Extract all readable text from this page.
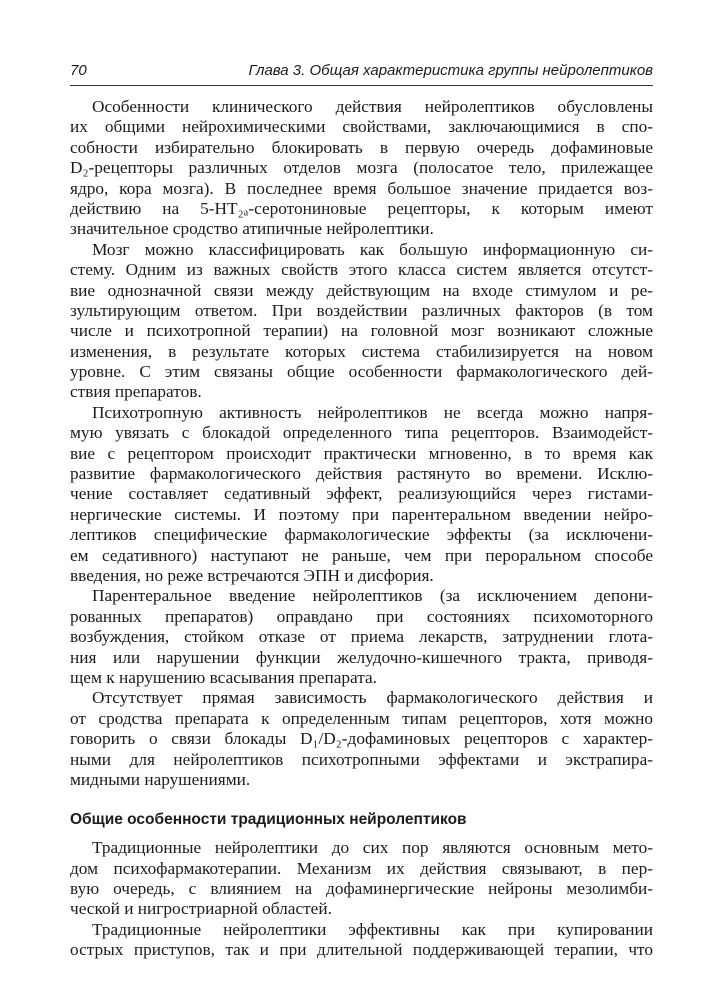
70	Глава 3. Общая характеристика группы нейролептиков
Особенности клинического действия нейролептиков обусловлены
их общими нейрохимическими свойствами, заключающимися в спо-
собности избирательно блокировать в первую очередь дофаминовые
D₂-рецепторы различных отделов мозга (полосатое тело, прилежащее
ядро, кора мозга). В последнее время большое значение придается воз-
действию на 5-HT₂ₐ-серотониновые рецепторы, к которым имеют
значительное сродство атипичные нейролептики.
Мозг можно классифицировать как большую информационную си-
стему. Одним из важных свойств этого класса систем является отсутст-
вие однозначной связи между действующим на входе стимулом и ре-
зультирующим ответом. При воздействии различных факторов (в том
числе и психотропной терапии) на головной мозг возникают сложные
изменения, в результате которых система стабилизируется на новом
уровне. С этим связаны общие особенности фармакологического дей-
ствия препаратов.
Психотропную активность нейролептиков не всегда можно напря-
мую увязать с блокадой определенного типа рецепторов. Взаимодейст-
вие с рецептором происходит практически мгновенно, в то время как
развитие фармакологического действия растянуто во времени. Исклю-
чение составляет седативный эффект, реализующийся через гистами-
нергические системы. И поэтому при парентеральном введении нейро-
лептиков специфические фармакологические эффекты (за исключени-
ем седативного) наступают не раньше, чем при пероральном способе
введения, но реже встречаются ЭПН и дисфория.
Парентеральное введение нейролептиков (за исключением депони-
рованных препаратов) оправдано при состояниях психомоторного
возбуждения, стойком отказе от приема лекарств, затруднении глота-
ния или нарушении функции желудочно-кишечного тракта, приводя-
щем к нарушению всасывания препарата.
Отсутствует прямая зависимость фармакологического действия и
от сродства препарата к определенным типам рецепторов, хотя можно
говорить о связи блокады D₁/D₂-дофаминовых рецепторов с характер-
ными для нейролептиков психотропными эффектами и экстрапира-
мидными нарушениями.
Общие особенности традиционных нейролептиков
Традиционные нейролептики до сих пор являются основным мето-
дом психофармакотерапии. Механизм их действия связывают, в пер-
вую очередь, с влиянием на дофаминергические нейроны мезолимби-
ческой и нигростриарной областей.
Традиционные нейролептики эффективны как при купировании
острых приступов, так и при длительной поддерживающей терапии, что
